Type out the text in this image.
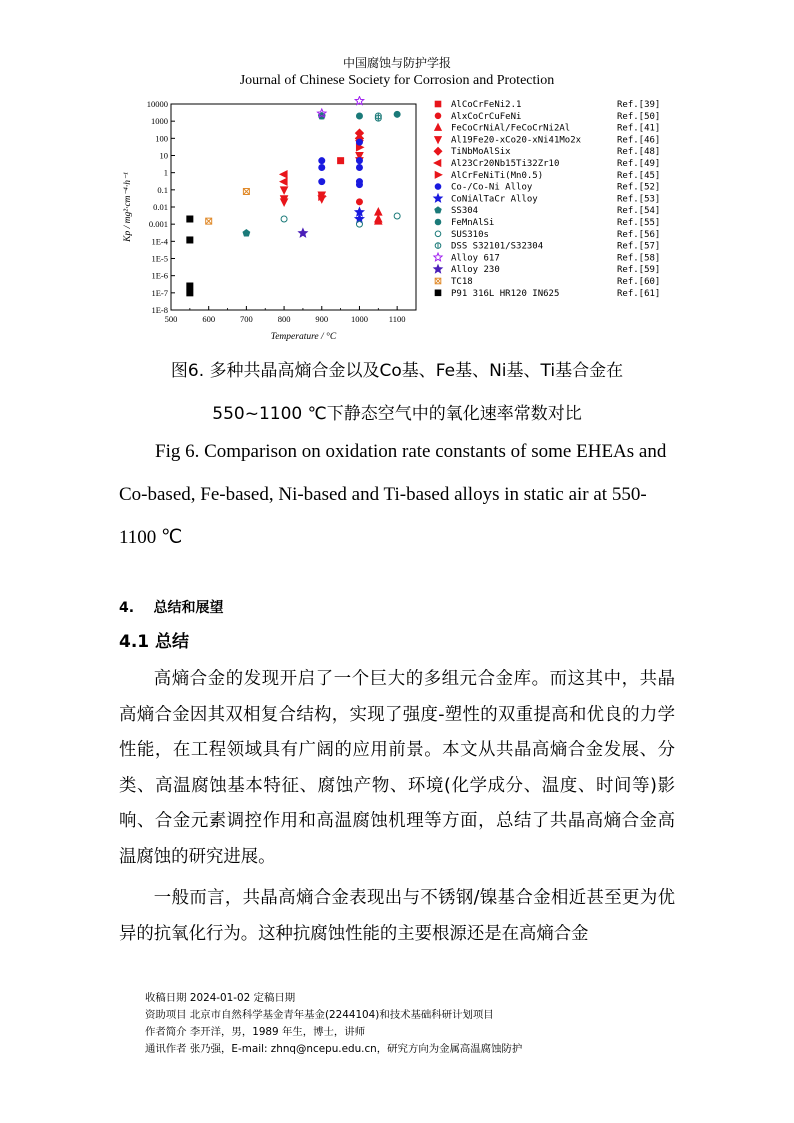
中国腐蚀与防护学报
Journal of Chinese Society for Corrosion and Protection
500	600	700	800	900	1000 1100
1E-8
1E-7
1E-6
1E-5
1E-4
0.001
0.01
0.1
1
10
100
1000
10000
Temperature / °C
Kp / mg²·cm⁻⁴·h⁻¹
AlCoCrFeNi2.1	Ref.[39]
AlxCoCrCuFeNi	Ref.[50]
FeCoCrNiAl/FeCoCrNi2Al	Ref.[41]
Al19Fe20-xCo20-xNi41Mo2x	Ref.[46]
TiNbMoAlSix	Ref.[48]
Al23Cr20Nb15Ti32Zr10	Ref.[49]
AlCrFeNiTi(Mn0.5)	Ref.[45]
Co-/Co-Ni Alloy	Ref.[52]
CoNiAlTaCr Alloy	Ref.[53]
SS304	Ref.[54]
FeMnAlSi	Ref.[55]
SUS310s	Ref.[56]
DSS S32101/S32304	Ref.[57]
Alloy 617	Ref.[58]
Alloy 230	Ref.[59]
TC18	Ref.[60]
P91 316L HR120 IN625	Ref.[61]
图6. 多种共晶高熵合金以及Co基、Fe基、Ni基、Ti基合金在
550~1100 ℃下静态空气中的氧化速率常数对比
Fig 6. Comparison on oxidation rate constants of some EHEAs and Co-based, Fe-based, Ni-based and Ti-based alloys in static air at 550-1100 ℃
4.    总结和展望
4.1 总结

高熵合金的发现开启了一个巨大的多组元合金库。而这其中，共晶高熵合金因其双相复合结构，实现了强度-塑性的双重提高和优良的力学性能，在工程领域具有广阔的应用前景。本文从共晶高熵合金发展、分类、高温腐蚀基本特征、腐蚀产物、环境(化学成分、温度、时间等)影响、合金元素调控作用和高温腐蚀机理等方面，总结了共晶高熵合金高温腐蚀的研究进展。

一般而言，共晶高熵合金表现出与不锈钢/镍基合金相近甚至更为优异的抗氧化行为。这种抗腐蚀性能的主要根源还是在高熵合金

收稿日期 2024-01-02 定稿日期
资助项目 北京市自然科学基金青年基金(2244104)和技术基础科研计划项目
作者简介 李开洋，男，1989 年生，博士，讲师
通讯作者 张乃强，E-mail: zhnq@ncepu.edu.cn，研究方向为金属高温腐蚀防护
